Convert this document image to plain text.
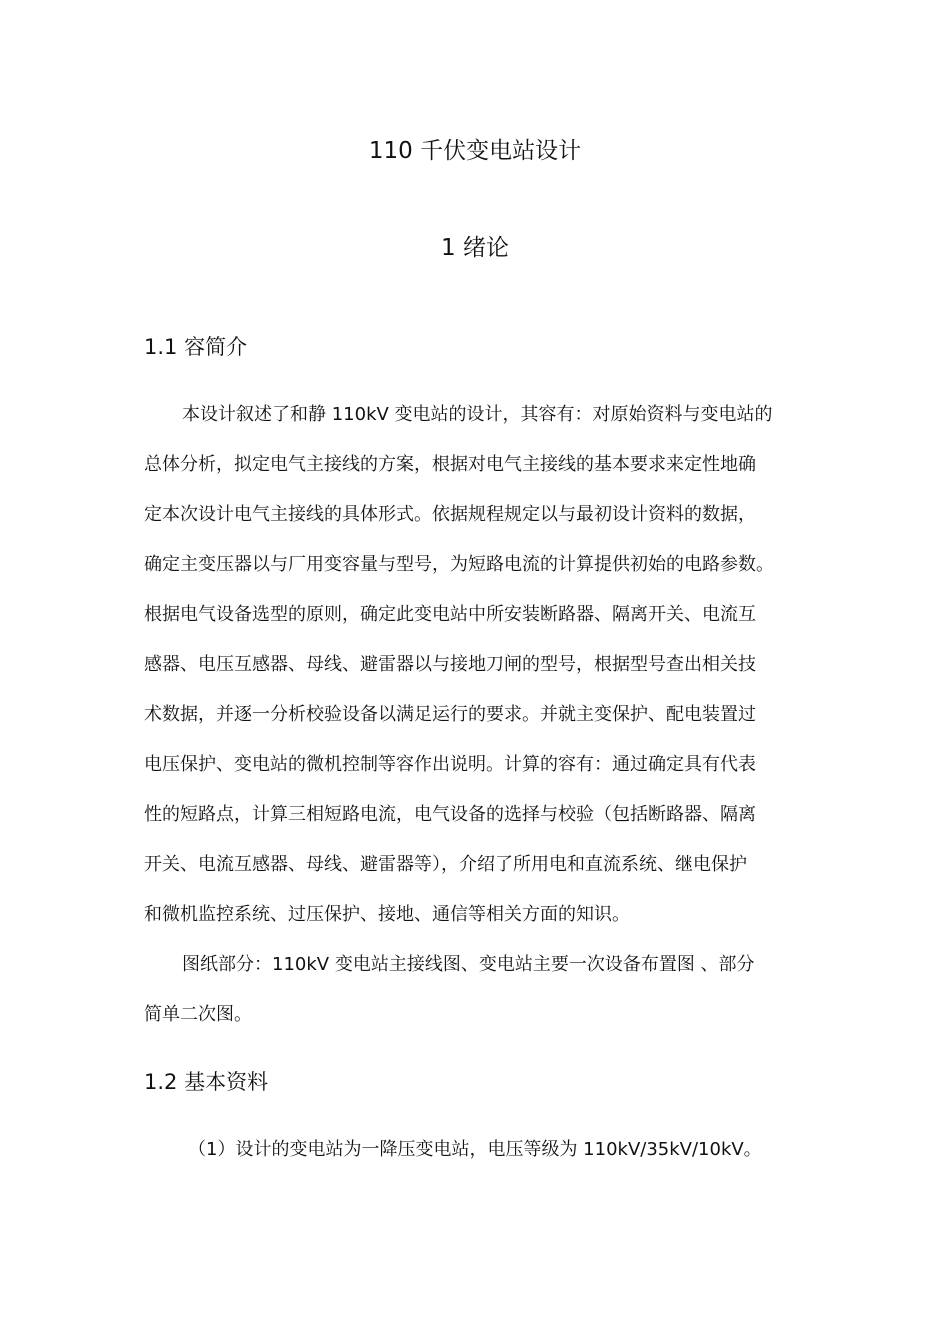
110 千伏变电站设计
1 绪论
1.1 容简介
本设计叙述了和静 110kV 变电站的设计，其容有：对原始资料与变电站的
总体分析，拟定电气主接线的方案，根据对电气主接线的基本要求来定性地确
定本次设计电气主接线的具体形式。依据规程规定以与最初设计资料的数据，
确定主变压器以与厂用变容量与型号，为短路电流的计算提供初始的电路参数。
根据电气设备选型的原则，确定此变电站中所安装断路器、隔离开关、电流互
感器、电压互感器、母线、避雷器以与接地刀闸的型号，根据型号查出相关技
术数据，并逐一分析校验设备以满足运行的要求。并就主变保护、配电装置过
电压保护、变电站的微机控制等容作出说明。计算的容有：通过确定具有代表
性的短路点，计算三相短路电流，电气设备的选择与校验（包括断路器、隔离
开关、电流互感器、母线、避雷器等），介绍了所用电和直流系统、继电保护
和微机监控系统、过压保护、接地、通信等相关方面的知识。
图纸部分：110kV 变电站主接线图、变电站主要一次设备布置图 、部分
简单二次图。
1.2 基本资料
（1）设计的变电站为一降压变电站，电压等级为 110kV/35kV/10kV。
